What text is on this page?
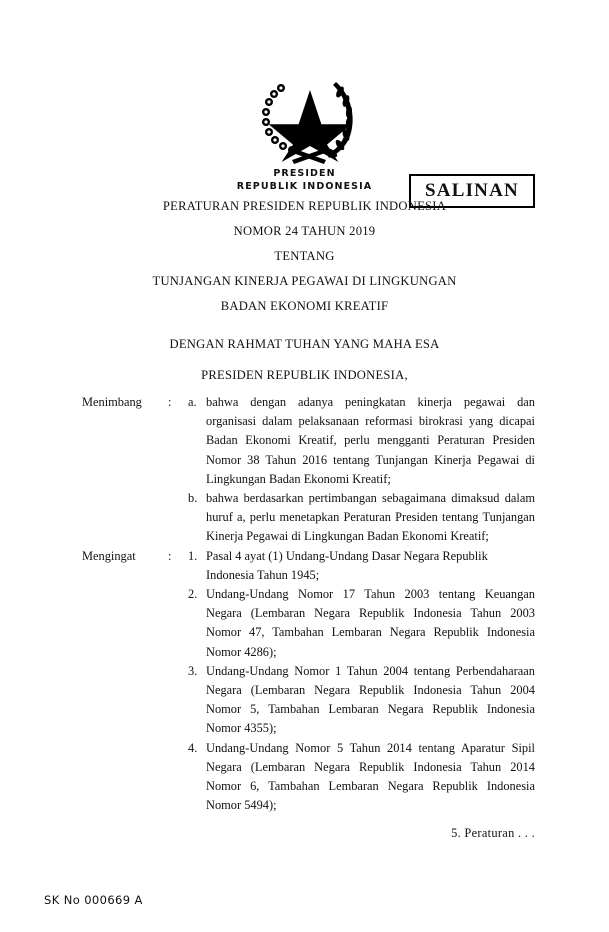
SALINAN
PRESIDEN
REPUBLIK INDONESIA
PERATURAN PRESIDEN REPUBLIK INDONESIA
NOMOR 24 TAHUN 2019
TENTANG
TUNJANGAN KINERJA PEGAWAI DI LINGKUNGAN
BADAN EKONOMI KREATIF
DENGAN RAHMAT TUHAN YANG MAHA ESA
PRESIDEN REPUBLIK INDONESIA,
Menimbang	:	a. bahwa dengan adanya peningkatan kinerja pegawai dan organisasi dalam pelaksanaan reformasi birokrasi yang dicapai Badan Ekonomi Kreatif, perlu mengganti Peraturan Presiden Nomor 38 Tahun 2016 tentang Tunjangan Kinerja Pegawai di Lingkungan Badan Ekonomi Kreatif;
b. bahwa berdasarkan pertimbangan sebagaimana dimaksud dalam huruf a, perlu menetapkan Peraturan Presiden tentang Tunjangan Kinerja Pegawai di Lingkungan Badan Ekonomi Kreatif;
Mengingat	:	1. Pasal 4 ayat (1) Undang-Undang Dasar Negara Republik Indonesia Tahun 1945;
2. Undang-Undang Nomor 17 Tahun 2003 tentang Keuangan Negara (Lembaran Negara Republik Indonesia Tahun 2003 Nomor 47, Tambahan Lembaran Negara Republik Indonesia Nomor 4286);
3. Undang-Undang Nomor 1 Tahun 2004 tentang Perbendaharaan Negara (Lembaran Negara Republik Indonesia Tahun 2004 Nomor 5, Tambahan Lembaran Negara Republik Indonesia Nomor 4355);
4. Undang-Undang Nomor 5 Tahun 2014 tentang Aparatur Sipil Negara (Lembaran Negara Republik Indonesia Tahun 2014 Nomor 6, Tambahan Lembaran Negara Republik Indonesia Nomor 5494);
5. Peraturan . . .
SK No 000669 A
